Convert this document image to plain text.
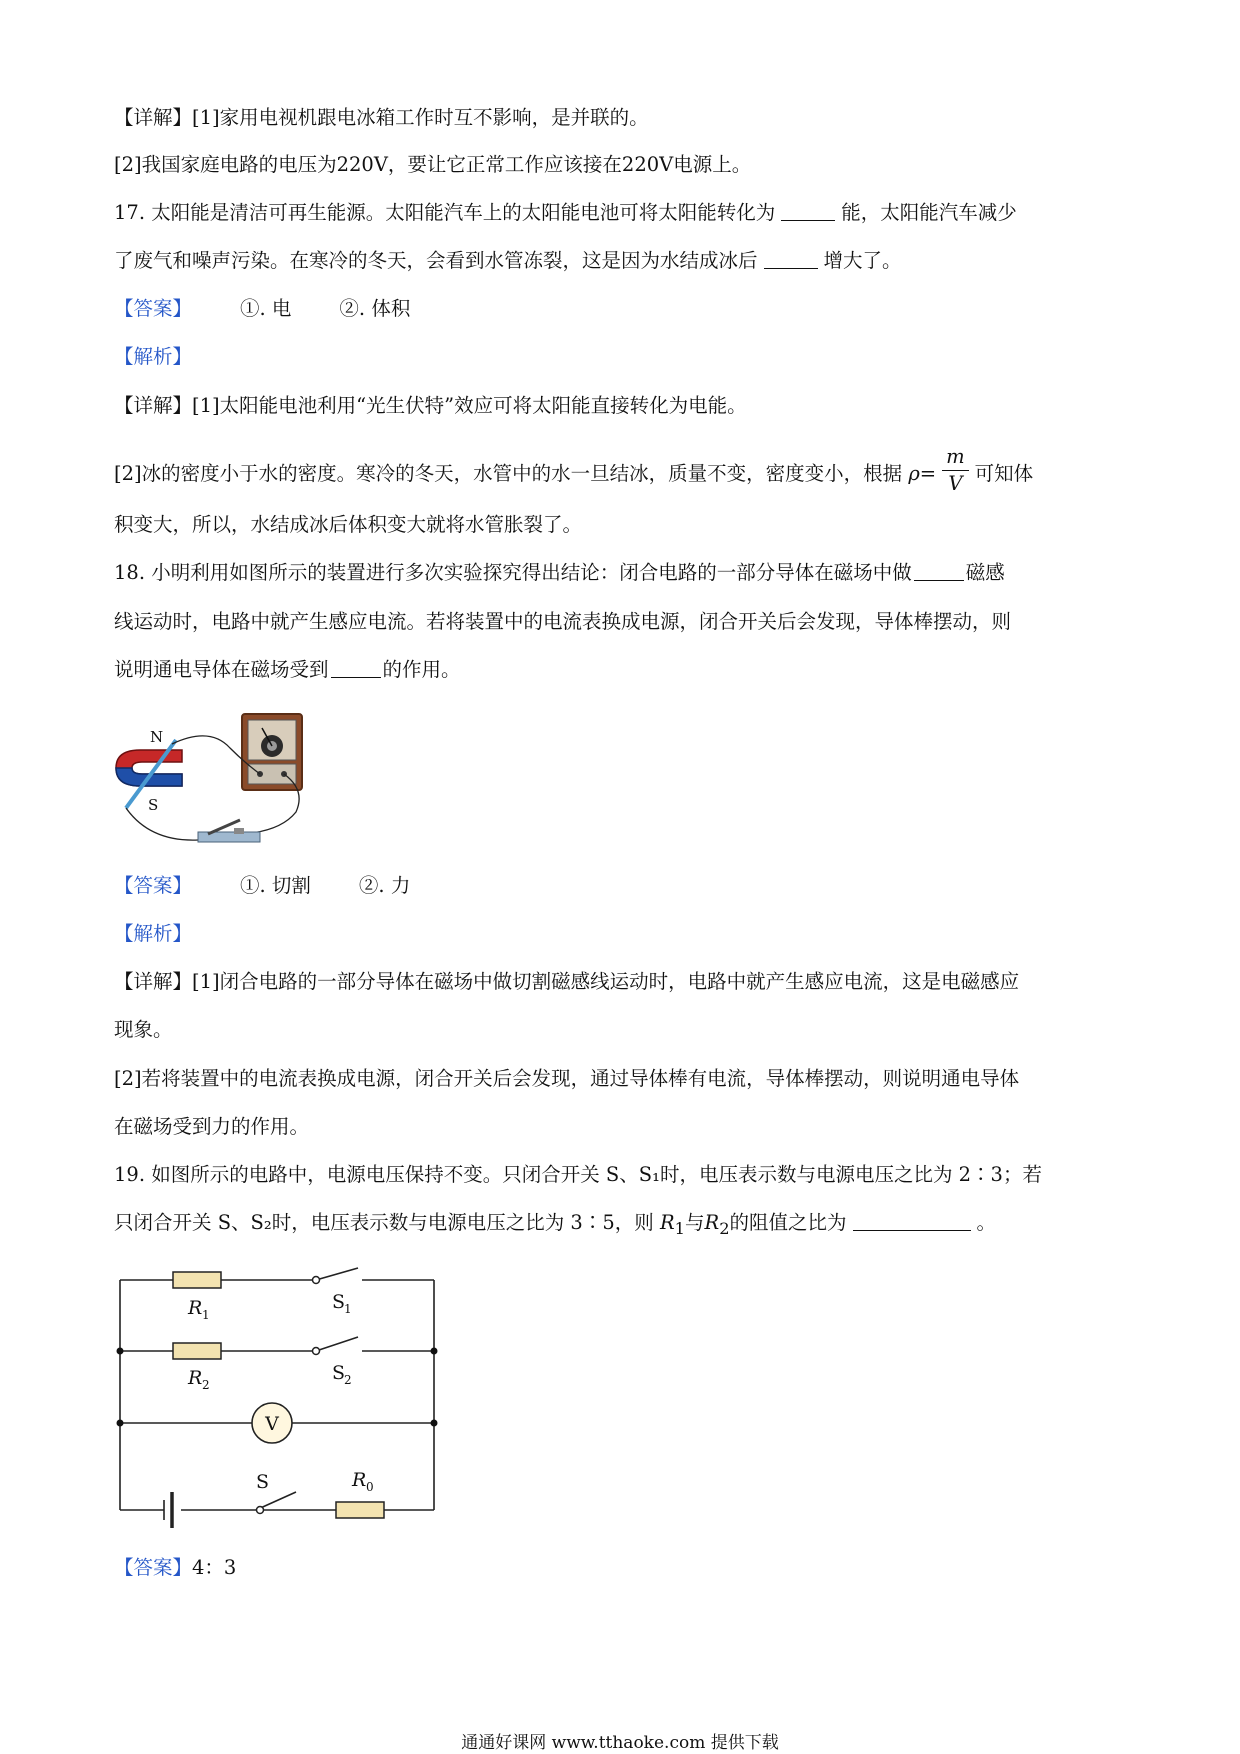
【详解】[1]家用电视机跟电冰箱工作时互不影响，是并联的。
[2]我国家庭电路的电压为220V，要让它正常工作应该接在220V电源上。
17. 太阳能是清洁可再生能源。太阳能汽车上的太阳能电池可将太阳能转化为	能，太阳能汽车减少
了废气和噪声污染。在寒冷的冬天，会看到水管冻裂，这是因为水结成冰后	增大了。
【答案】 ①. 电 ②. 体积
【解析】
【详解】[1]太阳能电池利用“光生伏特”效应可将太阳能直接转化为电能。
[2]冰的密度小于水的密度。寒冷的冬天，水管中的水一旦结冰，质量不变，密度变小，根据 $\rho= \frac{m}{V}$ 可知体
积变大，所以，水结成冰后体积变大就将水管胀裂了。
18. 小明利用如图所示的装置进行多次实验探究得出结论：闭合电路的一部分导体在磁场中做	磁感
线运动时，电路中就产生感应电流。若将装置中的电流表换成电源，闭合开关后会发现，导体棒摆动，则
说明通电导体在磁场受到	的作用。
N
S
【答案】 ①. 切割 ②. 力
【解析】
【详解】[1]闭合电路的一部分导体在磁场中做切割磁感线运动时，电路中就产生感应电流，这是电磁感应
现象。
[2]若将装置中的电流表换成电源，闭合开关后会发现，通过导体棒有电流，导体棒摆动，则说明通电导体
在磁场受到力的作用。
19. 如图所示的电路中，电源电压保持不变。只闭合开关 S、S₁时，电压表示数与电源电压之比为 2∶3；若
只闭合开关 S、S₂时，电压表示数与电源电压之比为 3∶5，则 $R_1$与$R_2$的阻值之比为	。
V
R 1
S
1
R 2
S
2
S	R 0
【答案】4：3
通通好课网 www.tthaoke.com 提供下载
